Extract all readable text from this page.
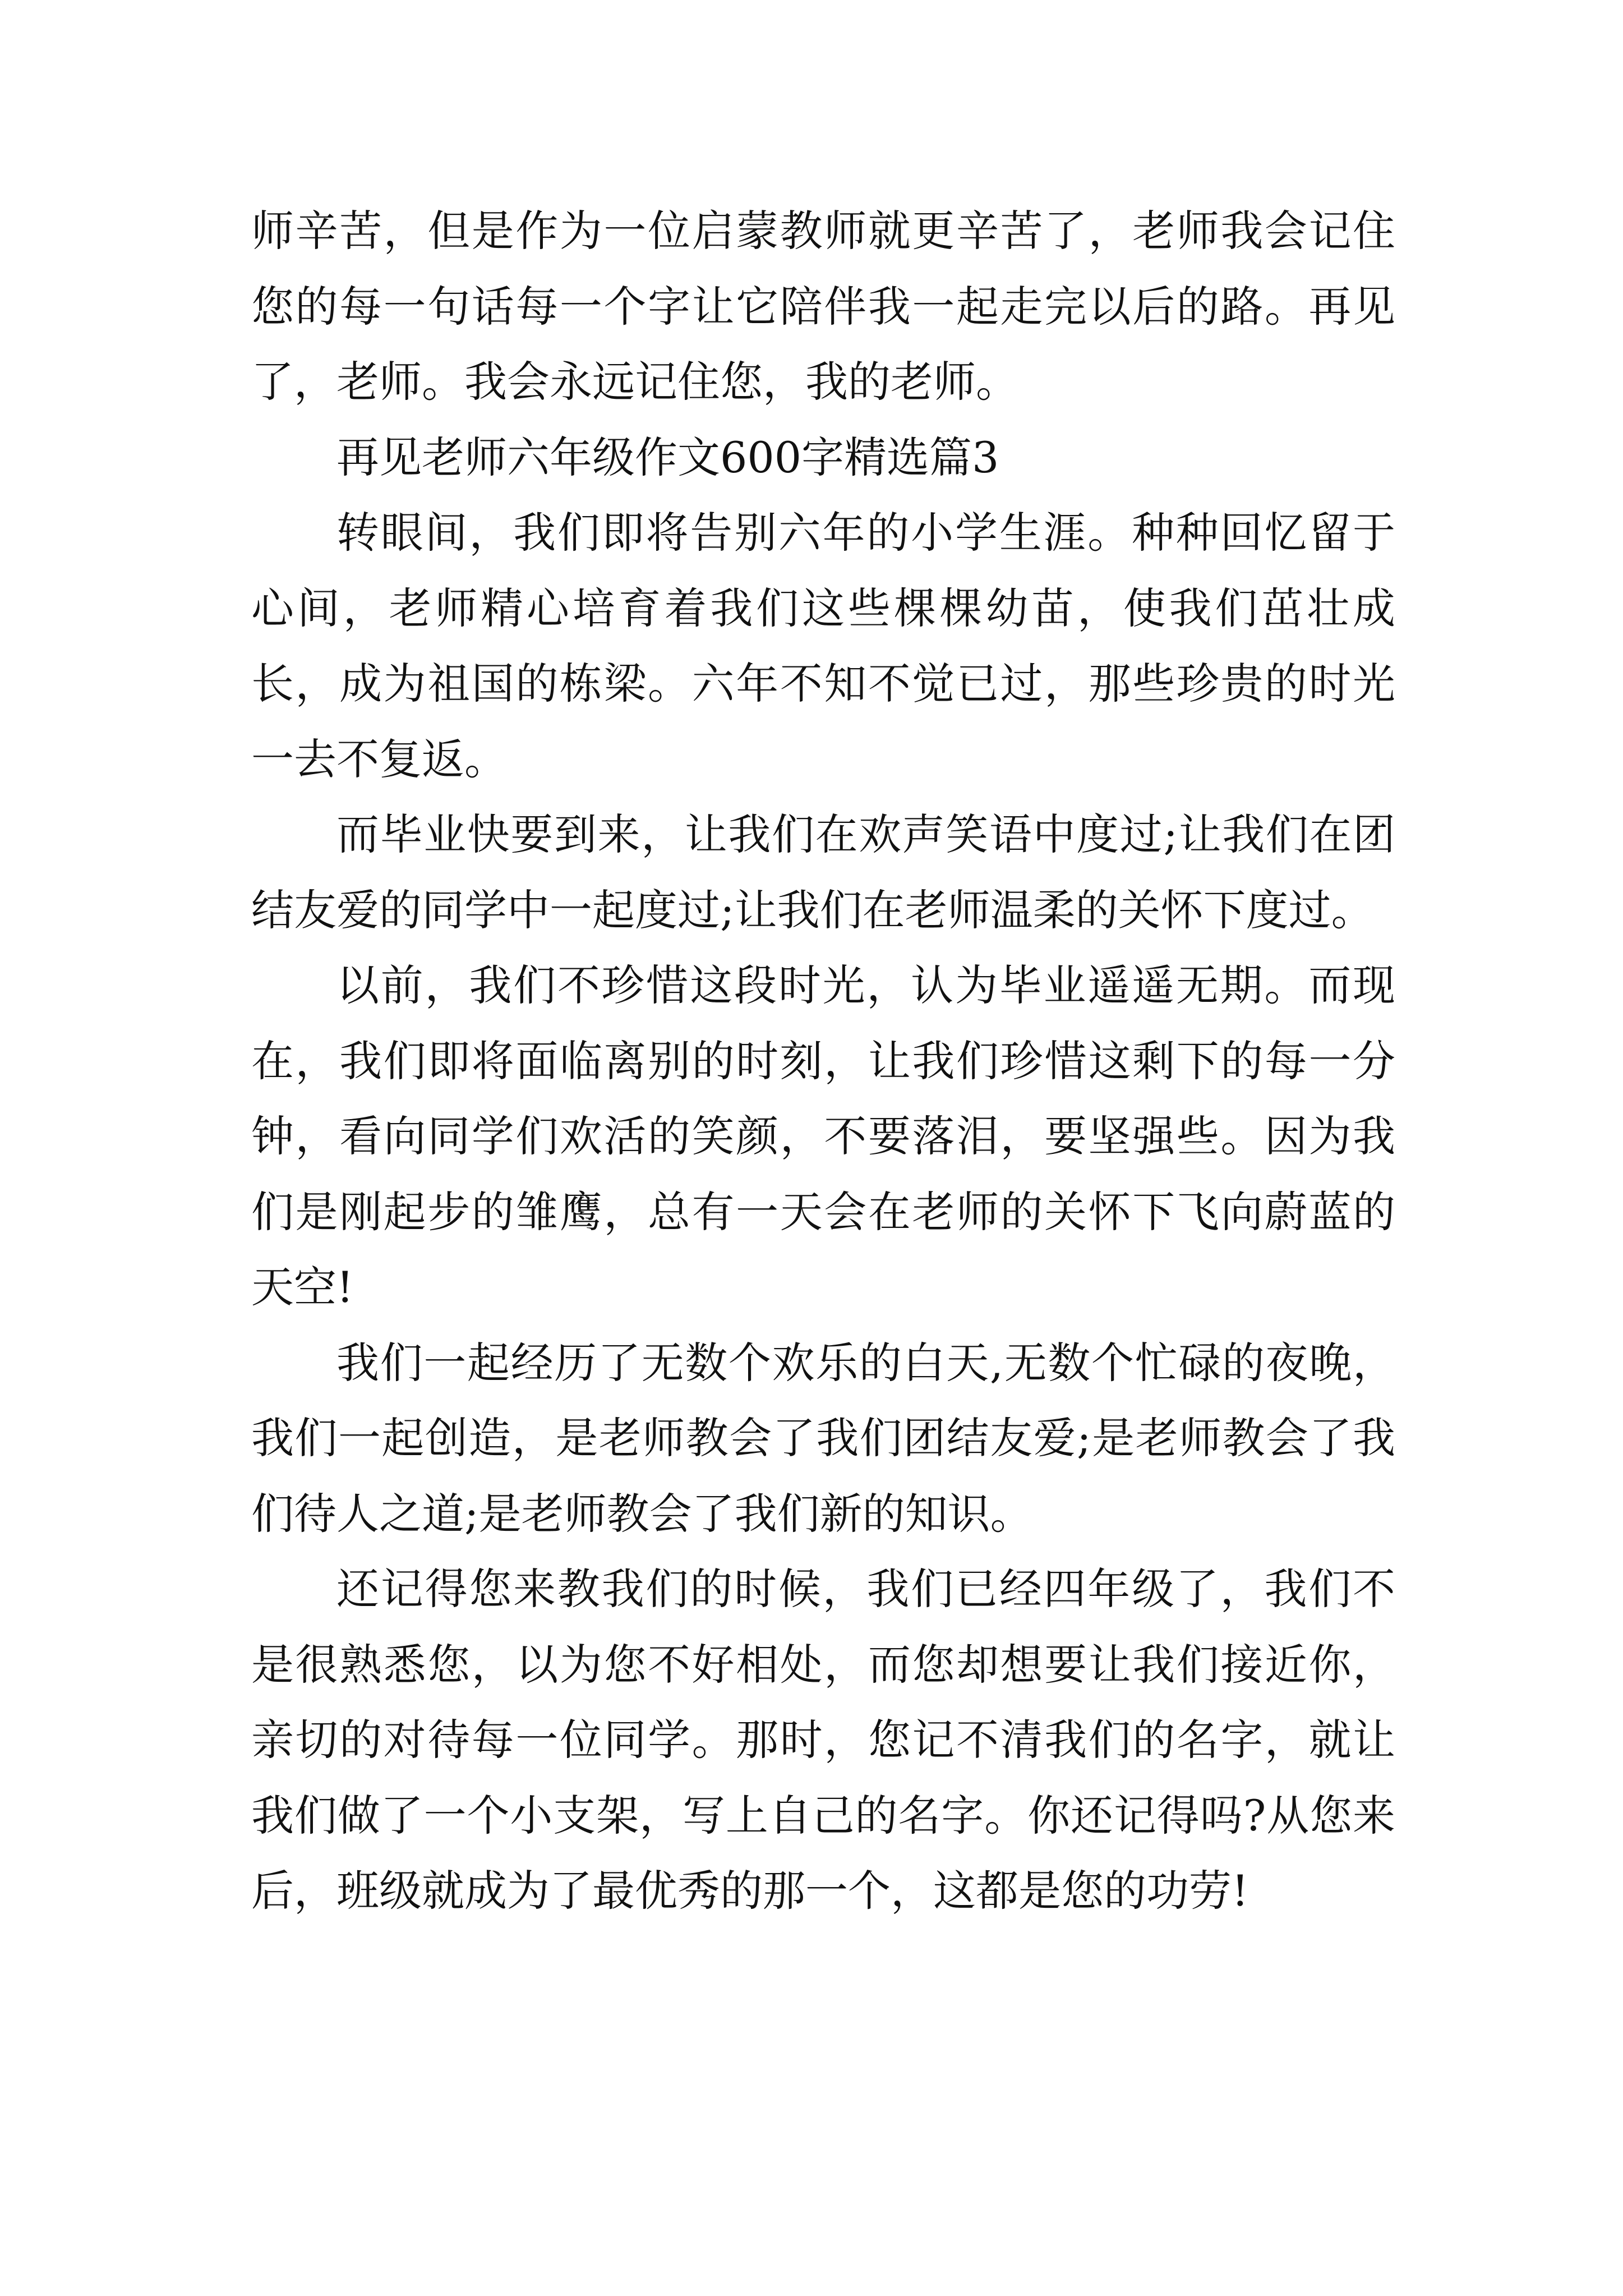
师辛苦，但是作为一位启蒙教师就更辛苦了，老师我会记住您的每一句话每一个字让它陪伴我一起走完以后的路。再见了，老师。我会永远记住您，我的老师。

再见老师六年级作文600字精选篇3

转眼间，我们即将告别六年的小学生涯。种种回忆留于心间，老师精心培育着我们这些棵棵幼苗，使我们茁壮成长，成为祖国的栋梁。六年不知不觉已过，那些珍贵的时光一去不复返。

而毕业快要到来，让我们在欢声笑语中度过;让我们在团结友爱的同学中一起度过;让我们在老师温柔的关怀下度过。

以前，我们不珍惜这段时光，认为毕业遥遥无期。而现在，我们即将面临离别的时刻，让我们珍惜这剩下的每一分钟，看向同学们欢活的笑颜，不要落泪，要坚强些。因为我们是刚起步的雏鹰，总有一天会在老师的关怀下飞向蔚蓝的天空!

我们一起经历了无数个欢乐的白天,无数个忙碌的夜晚，我们一起创造，是老师教会了我们团结友爱;是老师教会了我们待人之道;是老师教会了我们新的知识。

还记得您来教我们的时候，我们已经四年级了，我们不是很熟悉您，以为您不好相处，而您却想要让我们接近你，亲切的对待每一位同学。那时，您记不清我们的名字，就让我们做了一个小支架，写上自己的名字。你还记得吗?从您来后，班级就成为了最优秀的那一个，这都是您的功劳!
